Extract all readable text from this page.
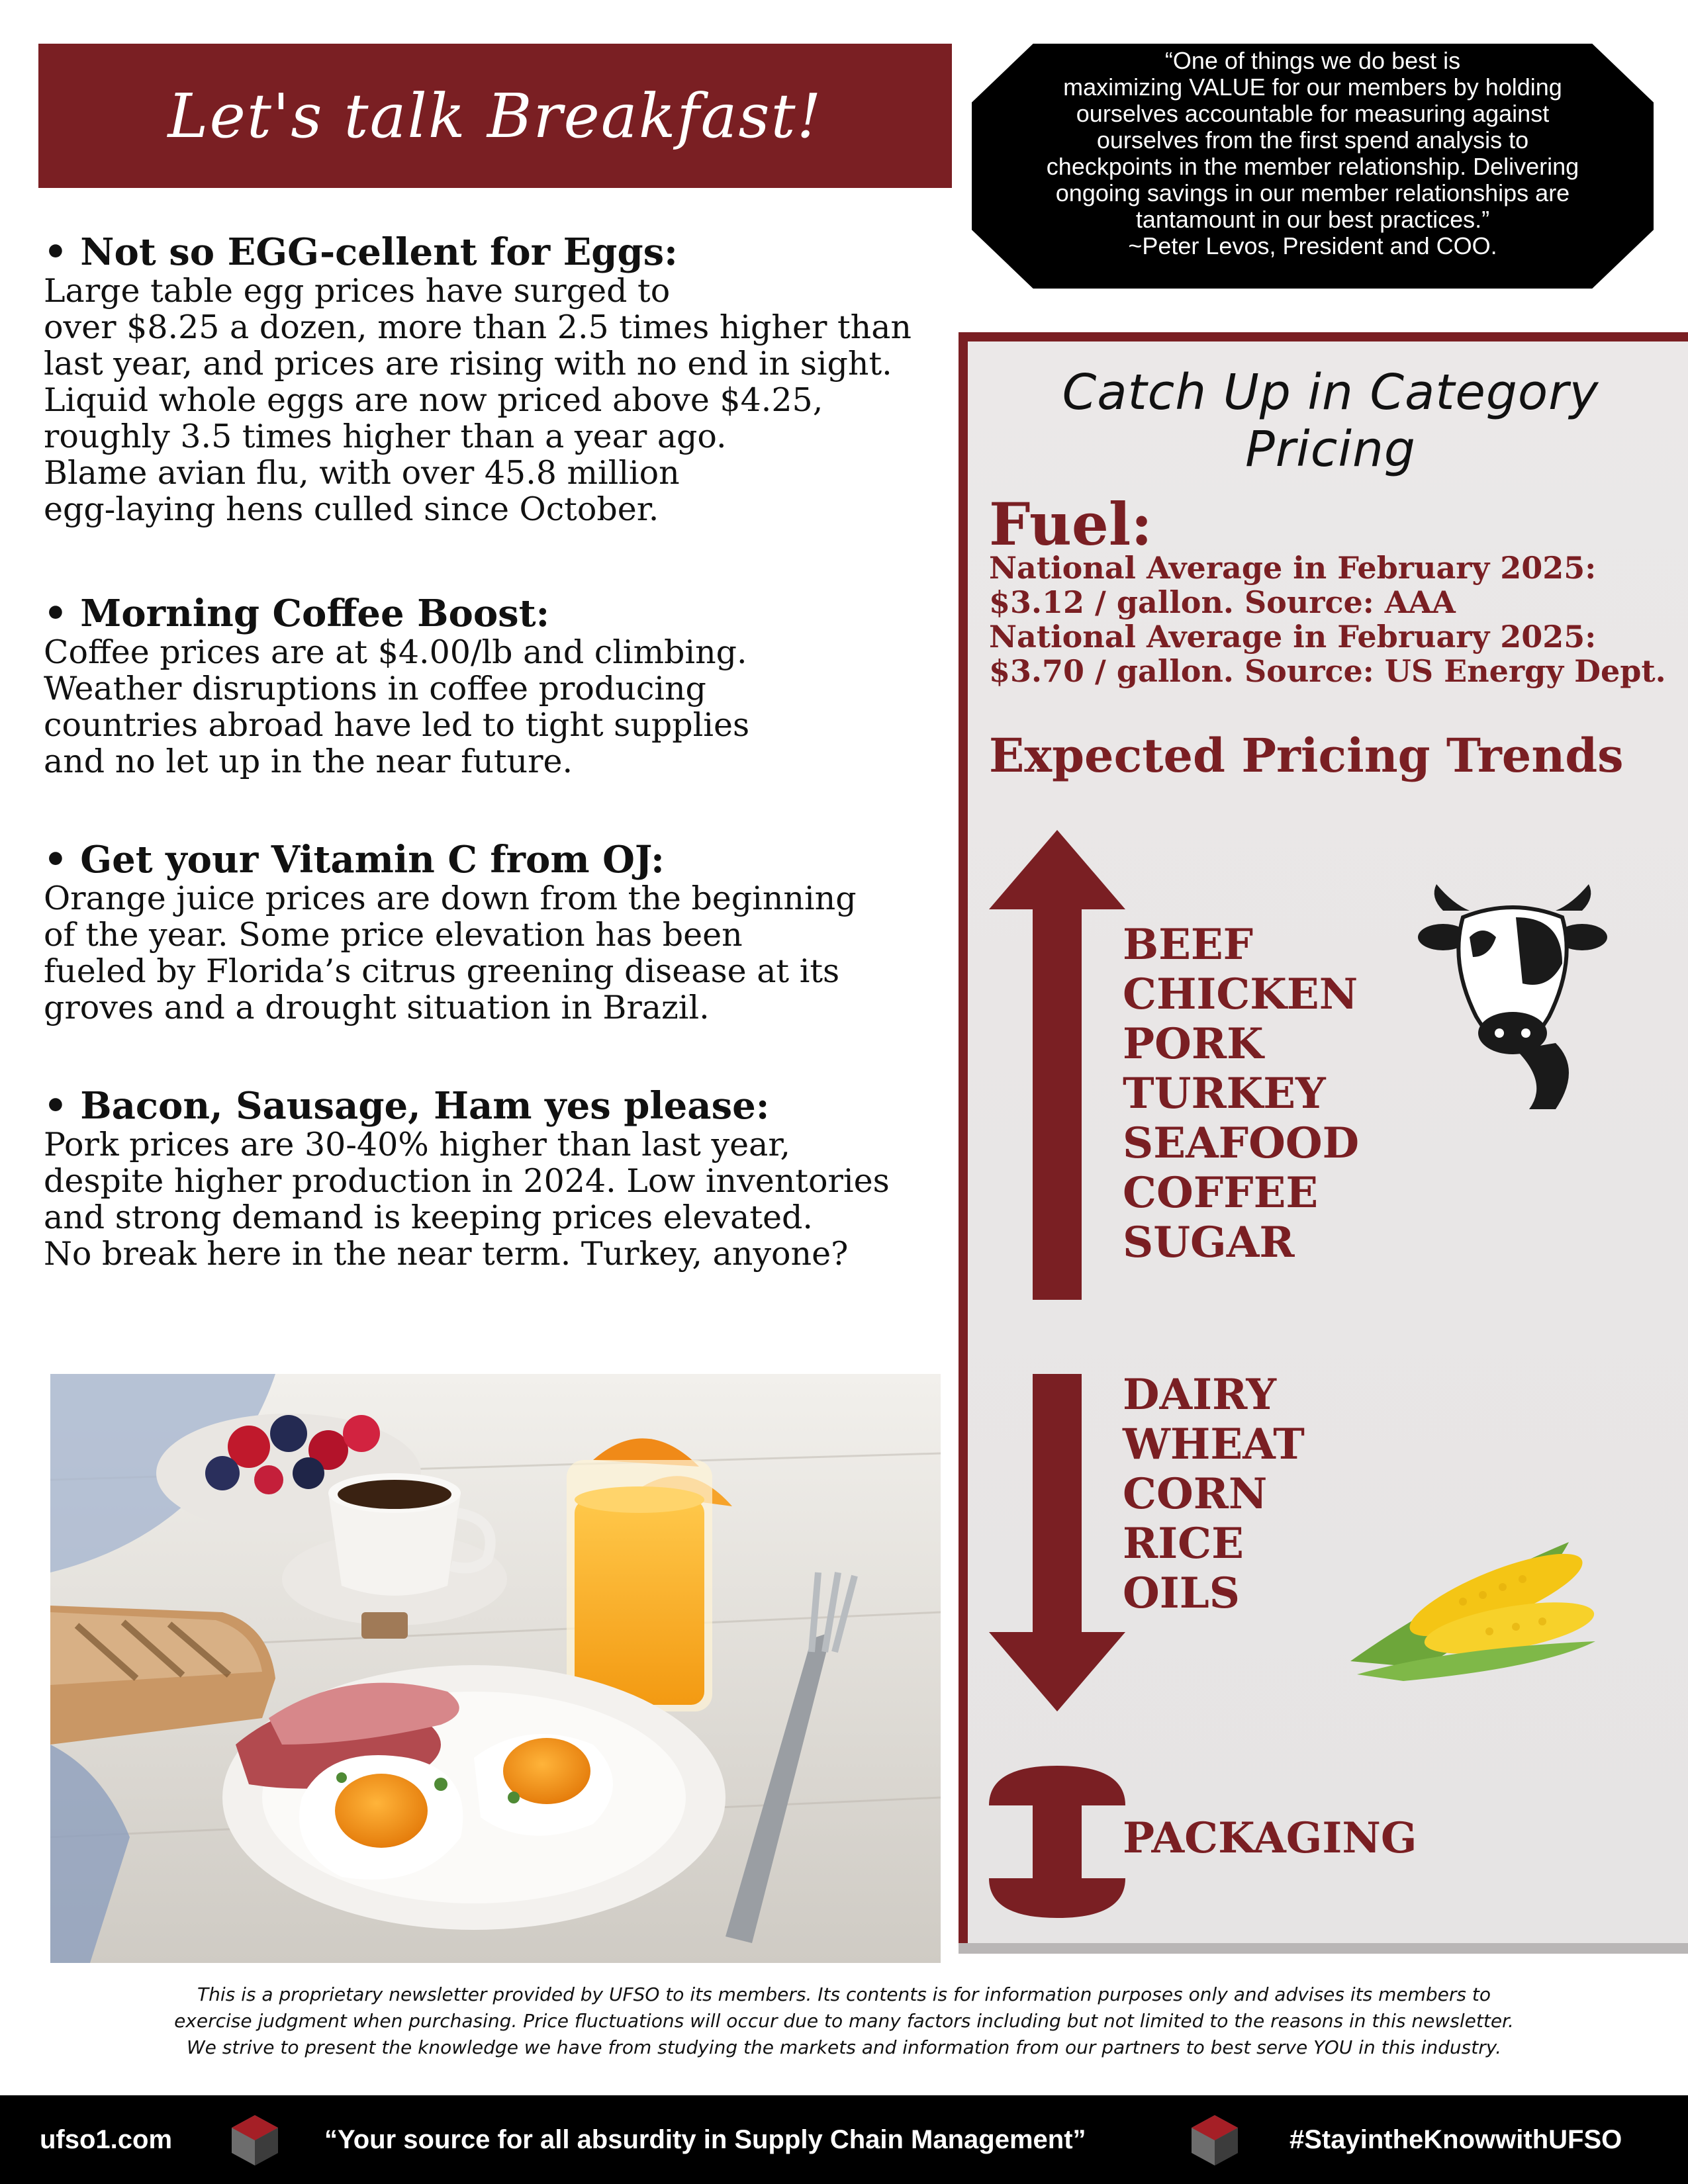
Let's talk Breakfast!
“One of things we do best is
maximizing VALUE for our members by holding
ourselves accountable for measuring against
ourselves from the first spend analysis to
checkpoints in the member relationship. Delivering
ongoing savings in our member relationships are
tantamount in our best practices.”
~Peter Levos, President and COO.

• Not so EGG-cellent for Eggs:

Large table egg prices have surged to

over $8.25 a dozen, more than 2.5 times higher than

last year, and prices are rising with no end in sight.

Liquid whole eggs are now priced above $4.25,

roughly 3.5 times higher than a year ago.

Blame avian flu, with over 45.8 million

egg-laying hens culled since October.

• Morning Coffee Boost:

Coffee prices are at $4.00/lb and climbing.

Weather disruptions in coffee producing

countries abroad have led to tight supplies

and no let up in the near future.

• Get your Vitamin C from OJ:

Orange juice prices are down from the beginning

of the year. Some price elevation has been

fueled by Florida’s citrus greening disease at its

groves and a drought situation in Brazil.

• Bacon, Sausage, Ham yes please:

Pork prices are 30-40% higher than last year,

despite higher production in 2024. Low inventories

and strong demand is keeping prices elevated.

No break here in the near term. Turkey, anyone?

Catch Up in Category Pricing
Fuel:
National Average in February 2025:
$3.12 / gallon. Source: AAA
National Average in February 2025:
$3.70 / gallon. Source: US Energy Dept.
Expected Pricing Trends
BEEF
CHICKEN
PORK
TURKEY
SEAFOOD
COFFEE
SUGAR
DAIRY
WHEAT
CORN
RICE
OILS
PACKAGING
This is a proprietary newsletter provided by UFSO to its members. Its contents is for information purposes only and advises its members to
exercise judgment when purchasing. Price fluctuations will occur due to many factors including but not limited to the reasons in this newsletter.
We strive to present the knowledge we have from studying the markets and information from our partners to best serve YOU in this industry.
ufso1.com	“Your source for all absurdity in Supply Chain Management”	#StayintheKnowwithUFSO
